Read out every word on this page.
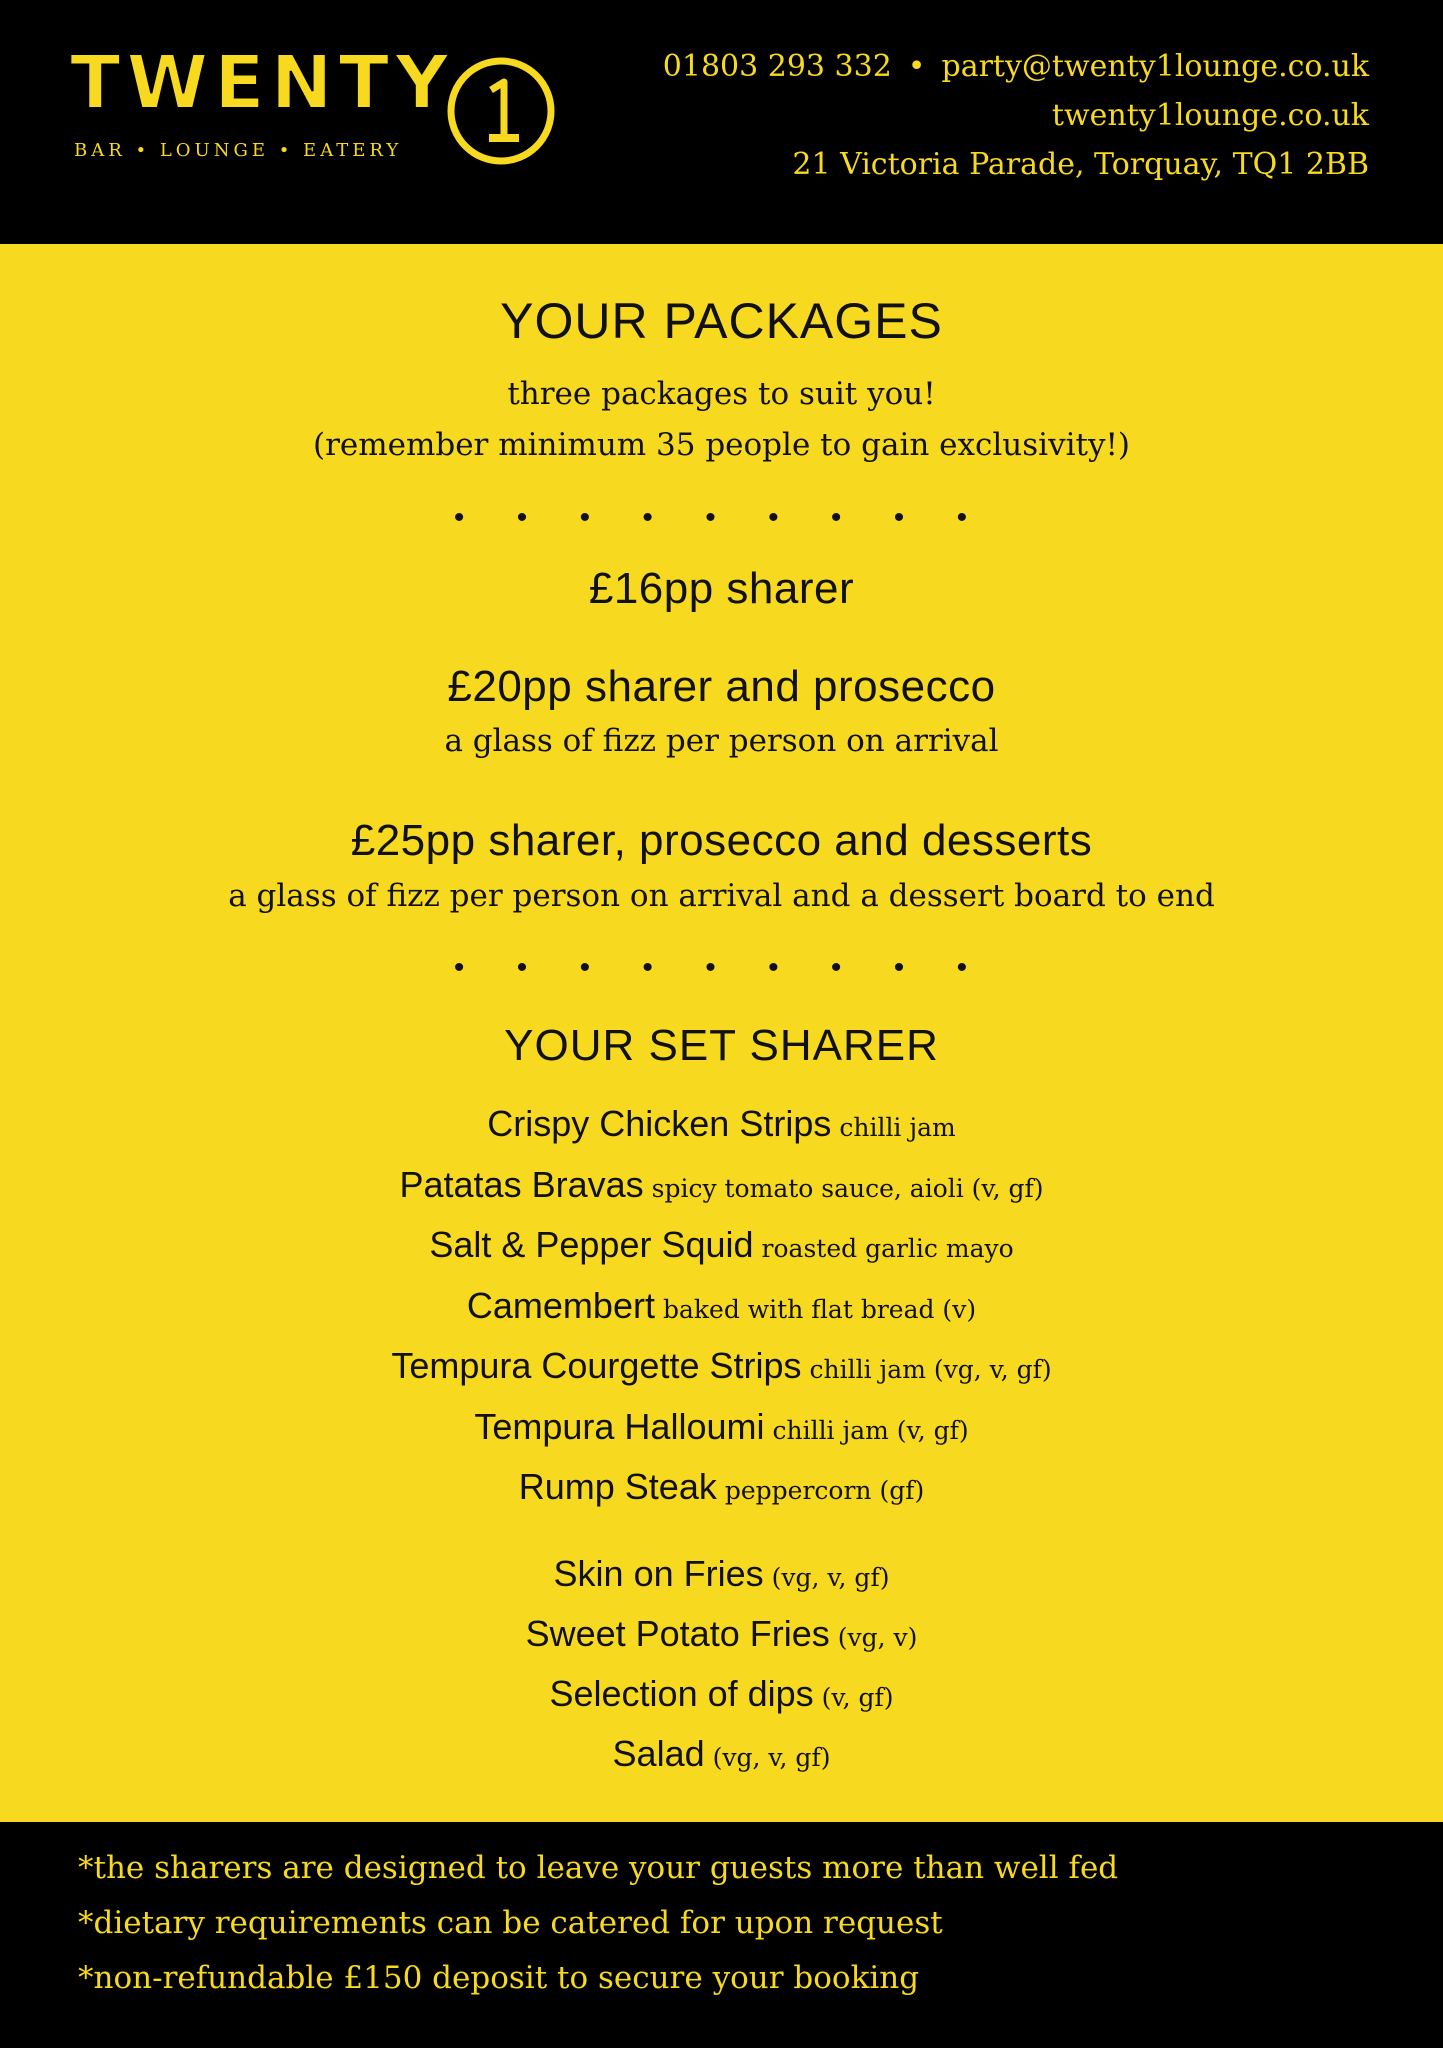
TWENTY
BAR • LOUNGE • EATERY
01803 293 332 • party@twenty1lounge.co.uk
twenty1lounge.co.uk
21 Victoria Parade, Torquay, TQ1 2BB
YOUR PACKAGES
three packages to suit you!
(remember minimum 35 people to gain exclusivity!)
• • • • • • • • •
£16pp sharer
£20pp sharer and prosecco
a glass of fizz per person on arrival
£25pp sharer, prosecco and desserts
a glass of fizz per person on arrival and a dessert board to end
• • • • • • • • •
YOUR SET SHARER
Crispy Chicken Strips chilli jam
Patatas Bravas spicy tomato sauce, aioli (v, gf)
Salt & Pepper Squid roasted garlic mayo
Camembert baked with flat bread (v)
Tempura Courgette Strips chilli jam (vg, v, gf)
Tempura Halloumi chilli jam (v, gf)
Rump Steak peppercorn (gf)
Skin on Fries (vg, v, gf)
Sweet Potato Fries (vg, v)
Selection of dips (v, gf)
Salad (vg, v, gf)
*the sharers are designed to leave your guests more than well fed
*dietary requirements can be catered for upon request
*non-refundable £150 deposit to secure your booking
